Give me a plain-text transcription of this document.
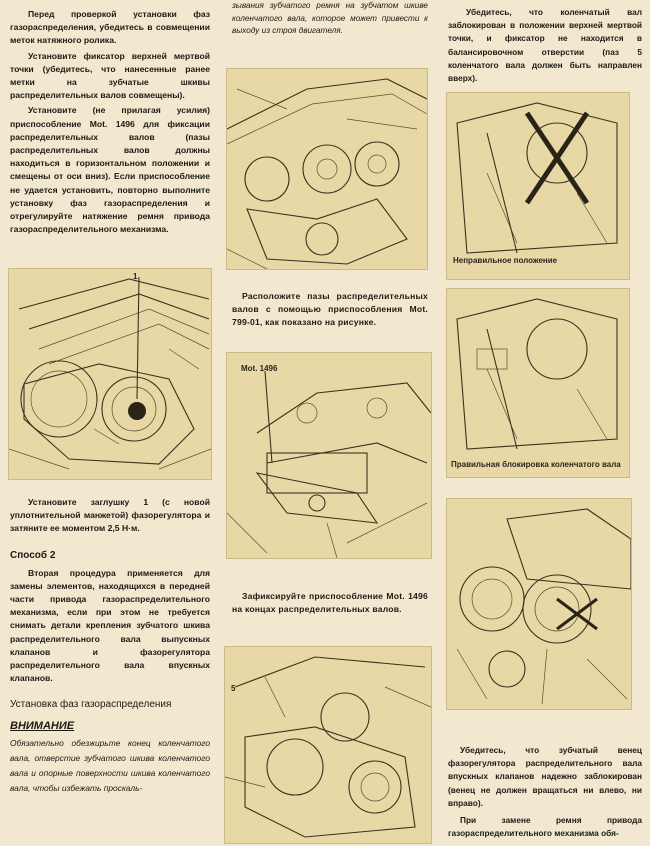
Перед проверкой установки фаз газораспределения, убедитесь в совмещении меток натяжного ролика.

Установите фиксатор верхней мертвой точки (убедитесь, что нанесенные ранее метки на зубчатые шкивы распределительных валов совмещены).

Установите (не прилагая усилия) приспособление Mot. 1496 для фиксации распределительных валов (пазы распределительных валов должны находиться в горизонтальном положении и смещены от оси вниз). Если приспособление не удается установить, повторно выполните установку фаз газораспределения и отрегулируйте натяжение ремня привода газораспределительного механизма.

1

Установите заглушку 1 (с новой уплотнительной манжетой) фазорегулятора и затяните ее моментом 2,5 Н·м.

Способ 2

Вторая процедура применяется для замены элементов, находящихся в передней части привода газораспределительного механизма, если при этом не требуется снимать детали крепления зубчатого шкива распределительного вала выпускных клапанов и фазорегулятора распределительного вала впускных клапанов.

Установка фаз газораспределения

ВНИМАНИЕ

Обязательно обезжирьте конец коленчатого вала, отверстие зубчатого шкива коленчатого вала и опорные поверхности шкива коленчатого вала, чтобы избежать проскаль-

зывания зубчатого ремня на зубчатом шкиве коленчатого вала, которое может привести к выходу из строя двигателя.

Расположите пазы распределительных валов с помощью приспособления Mot. 799-01, как показано на рисунке.

Mot. 1496

Зафиксируйте приспособление Mot. 1496 на концах распределительных валов.

5

Убедитесь, что коленчатый вал заблокирован в положении верхней мертвой точки, и фиксатор не находится в балансировочном отверстии (паз 5 коленчатого вала должен быть направлен вверх).

Неправильное положение
Правильная блокировка коленчатого вала

Убедитесь, что зубчатый венец фазорегулятора распределительного вала впускных клапанов надежно заблокирован (венец не должен вращаться ни влево, ни вправо).

При замене ремня привода газораспределительного механизма обя-
